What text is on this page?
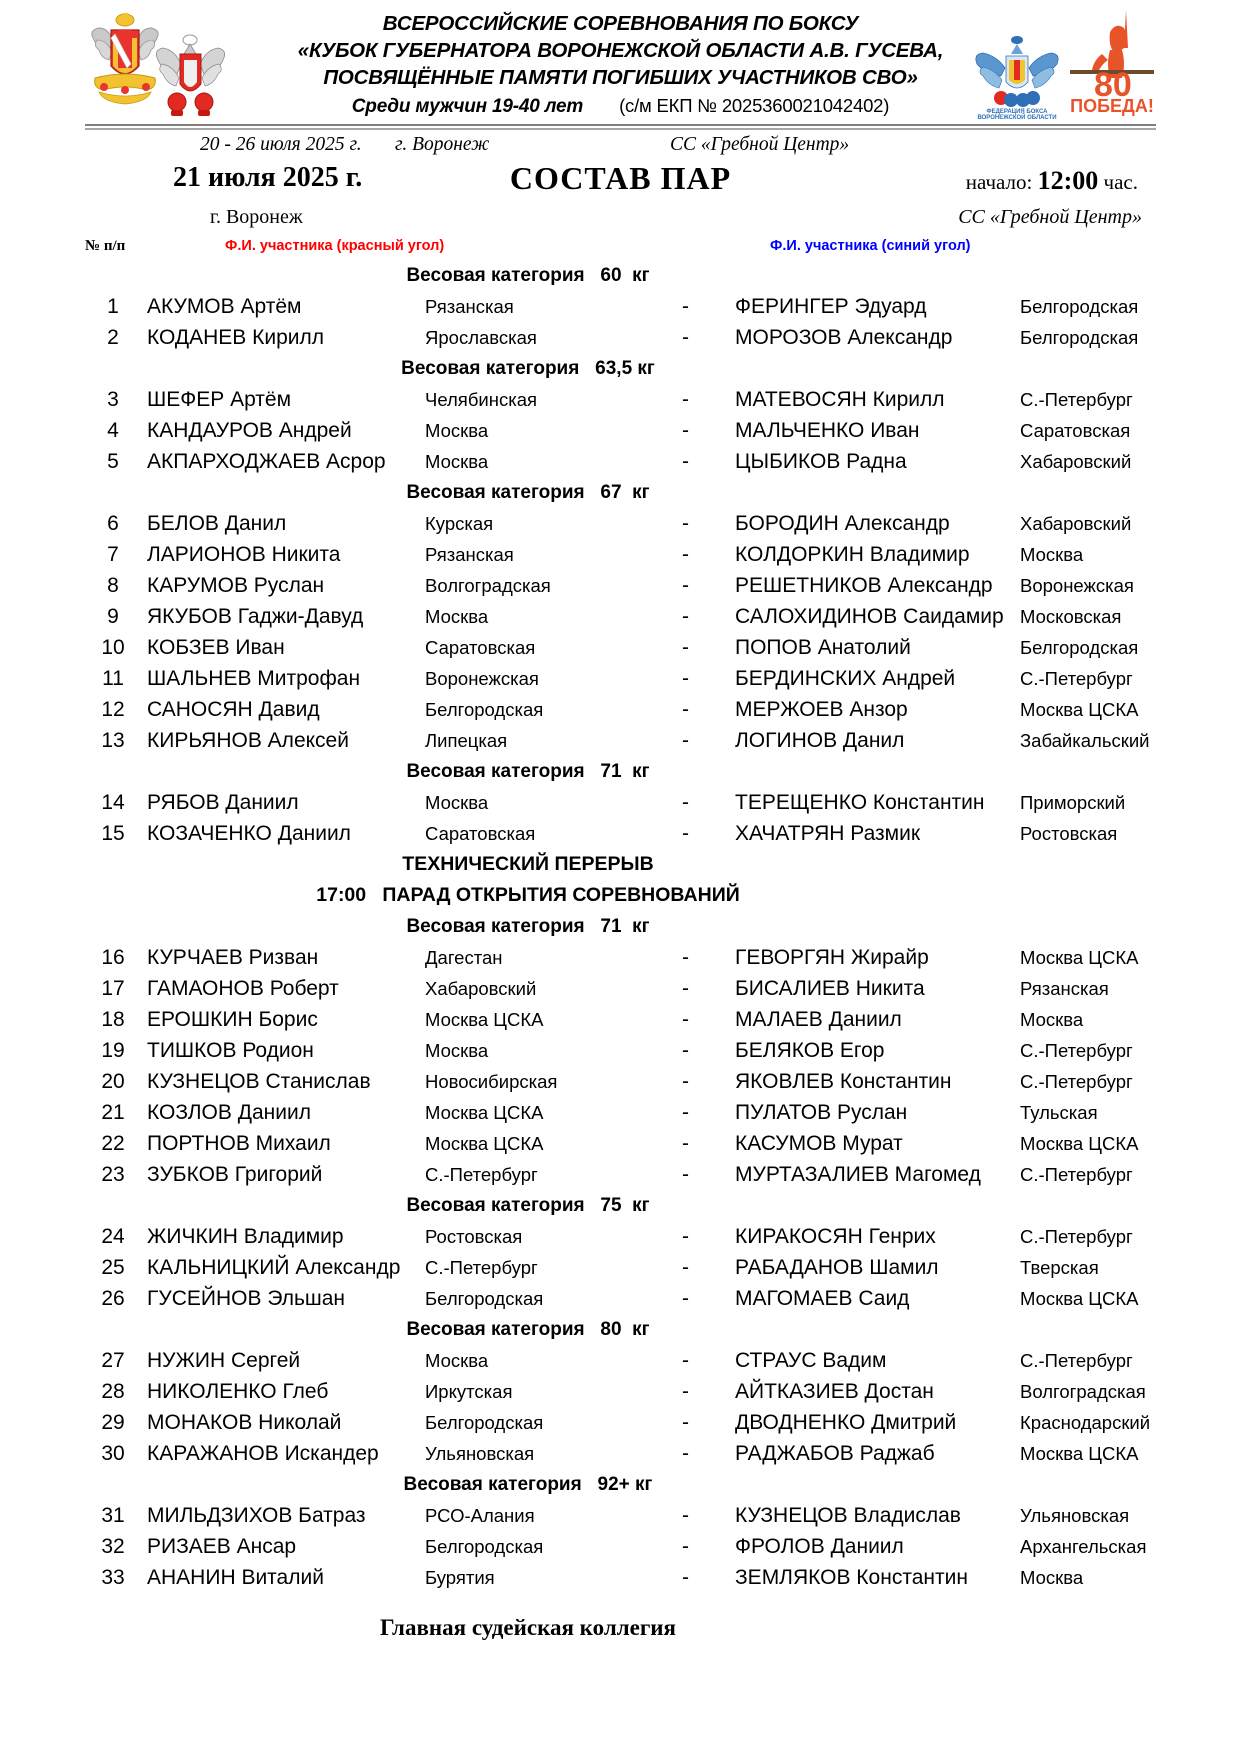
ВСЕРОССИЙСКИЕ СОРЕВНОВАНИЯ ПО БОКСУ
«КУБОК ГУБЕРНАТОРА ВОРОНЕЖСКОЙ ОБЛАСТИ А.В. ГУСЕВА,
ПОСВЯЩЁННЫЕ ПАМЯТИ ПОГИБШИХ УЧАСТНИКОВ СВО»
Среди мужчин 19-40 лет (с/м ЕКП № 2025360021042402)	ФЕДЕРАЦИЯ БОКСА
ВОРОНЕЖСКОЙ ОБЛАСТИ
80
ПОБЕДА!
20 - 26 июля 2025 г. г. Воронеж	СС «Гребной Центр»
21 июля 2025 г.	СОСТАВ ПАР	начало: 12:00 час.
г. Воронеж	СС «Гребной Центр»
№ п/п	Ф.И. участника (красный угол)	Ф.И. участника (синий угол)
Весовая категория   60  кг
1	АКУМОВ Артём	Рязанская	- ФЕРИНГЕР Эдуард	Белгородская
2	КОДАНЕВ Кирилл	Ярославская	- МОРОЗОВ Александр	Белгородская
Весовая категория   63,5 кг
3	ШЕФЕР Артём	Челябинская	- МАТЕВОСЯН Кирилл	С.-Петербург
4	КАНДАУРОВ Андрей	Москва	- МАЛЬЧЕНКО Иван	Саратовская
5	АКПАРХОДЖАЕВ Асрор Москва	- ЦЫБИКОВ Радна	Хабаровский
Весовая категория   67  кг
6	БЕЛОВ Данил	Курская	- БОРОДИН Александр	Хабаровский
7	ЛАРИОНОВ Никита	Рязанская	- КОЛДОРКИН Владимир	Москва
8	КАРУМОВ Руслан	Волгоградская	- РЕШЕТНИКОВ Александр Воронежская
9	ЯКУБОВ Гаджи-Давуд	Москва	- САЛОХИДИНОВ Саидамир Московская
10	КОБЗЕВ Иван	Саратовская	- ПОПОВ Анатолий	Белгородская
11	ШАЛЬНЕВ Митрофан	Воронежская	- БЕРДИНСКИХ Андрей	С.-Петербург
12	САНОСЯН Давид	Белгородская	- МЕРЖОЕВ Анзор	Москва ЦСКА
13	КИРЬЯНОВ Алексей	Липецкая	- ЛОГИНОВ Данил	Забайкальский
Весовая категория   71  кг
14	РЯБОВ Даниил	Москва	- ТЕРЕЩЕНКО Константин Приморский
15	КОЗАЧЕНКО Даниил	Саратовская	- ХАЧАТРЯН Размик	Ростовская
ТЕХНИЧЕСКИЙ ПЕРЕРЫВ
17:00   ПАРАД ОТКРЫТИЯ СОРЕВНОВАНИЙ
Весовая категория   71  кг
16	КУРЧАЕВ Ризван	Дагестан	- ГЕВОРГЯН Жирайр	Москва ЦСКА
17	ГАМАОНОВ Роберт	Хабаровский	- БИСАЛИЕВ Никита	Рязанская
18	ЕРОШКИН Борис	Москва ЦСКА	- МАЛАЕВ Даниил	Москва
19	ТИШКОВ Родион	Москва	- БЕЛЯКОВ Егор	С.-Петербург
20	КУЗНЕЦОВ Станислав	Новосибирская	- ЯКОВЛЕВ Константин	С.-Петербург
21	КОЗЛОВ Даниил	Москва ЦСКА	- ПУЛАТОВ Руслан	Тульская
22	ПОРТНОВ Михаил	Москва ЦСКА	- КАСУМОВ Мурат	Москва ЦСКА
23	ЗУБКОВ Григорий	С.-Петербург	- МУРТАЗАЛИЕВ Магомед С.-Петербург
Весовая категория   75  кг
24	ЖИЧКИН Владимир	Ростовская	- КИРАКОСЯН Генрих	С.-Петербург
25	КАЛЬНИЦКИЙ Александр С.-Петербург	- РАБАДАНОВ Шамил	Тверская
26	ГУСЕЙНОВ Эльшан	Белгородская	- МАГОМАЕВ Саид	Москва ЦСКА
Весовая категория   80  кг
27	НУЖИН Сергей	Москва	- СТРАУС Вадим	С.-Петербург
28	НИКОЛЕНКО Глеб	Иркутская	- АЙТКАЗИЕВ Достан	Волгоградская
29	МОНАКОВ Николай	Белгородская	- ДВОДНЕНКО Дмитрий	Краснодарский
30	КАРАЖАНОВ Искандер	Ульяновская	- РАДЖАБОВ Раджаб	Москва ЦСКА
Весовая категория   92+ кг
31	МИЛЬДЗИХОВ Батраз	РСО-Алания	- КУЗНЕЦОВ Владислав	Ульяновская
32	РИЗАЕВ Ансар	Белгородская	- ФРОЛОВ Даниил	Архангельская
33	АНАНИН Виталий	Бурятия	- ЗЕМЛЯКОВ Константин	Москва
Главная судейская коллегия
